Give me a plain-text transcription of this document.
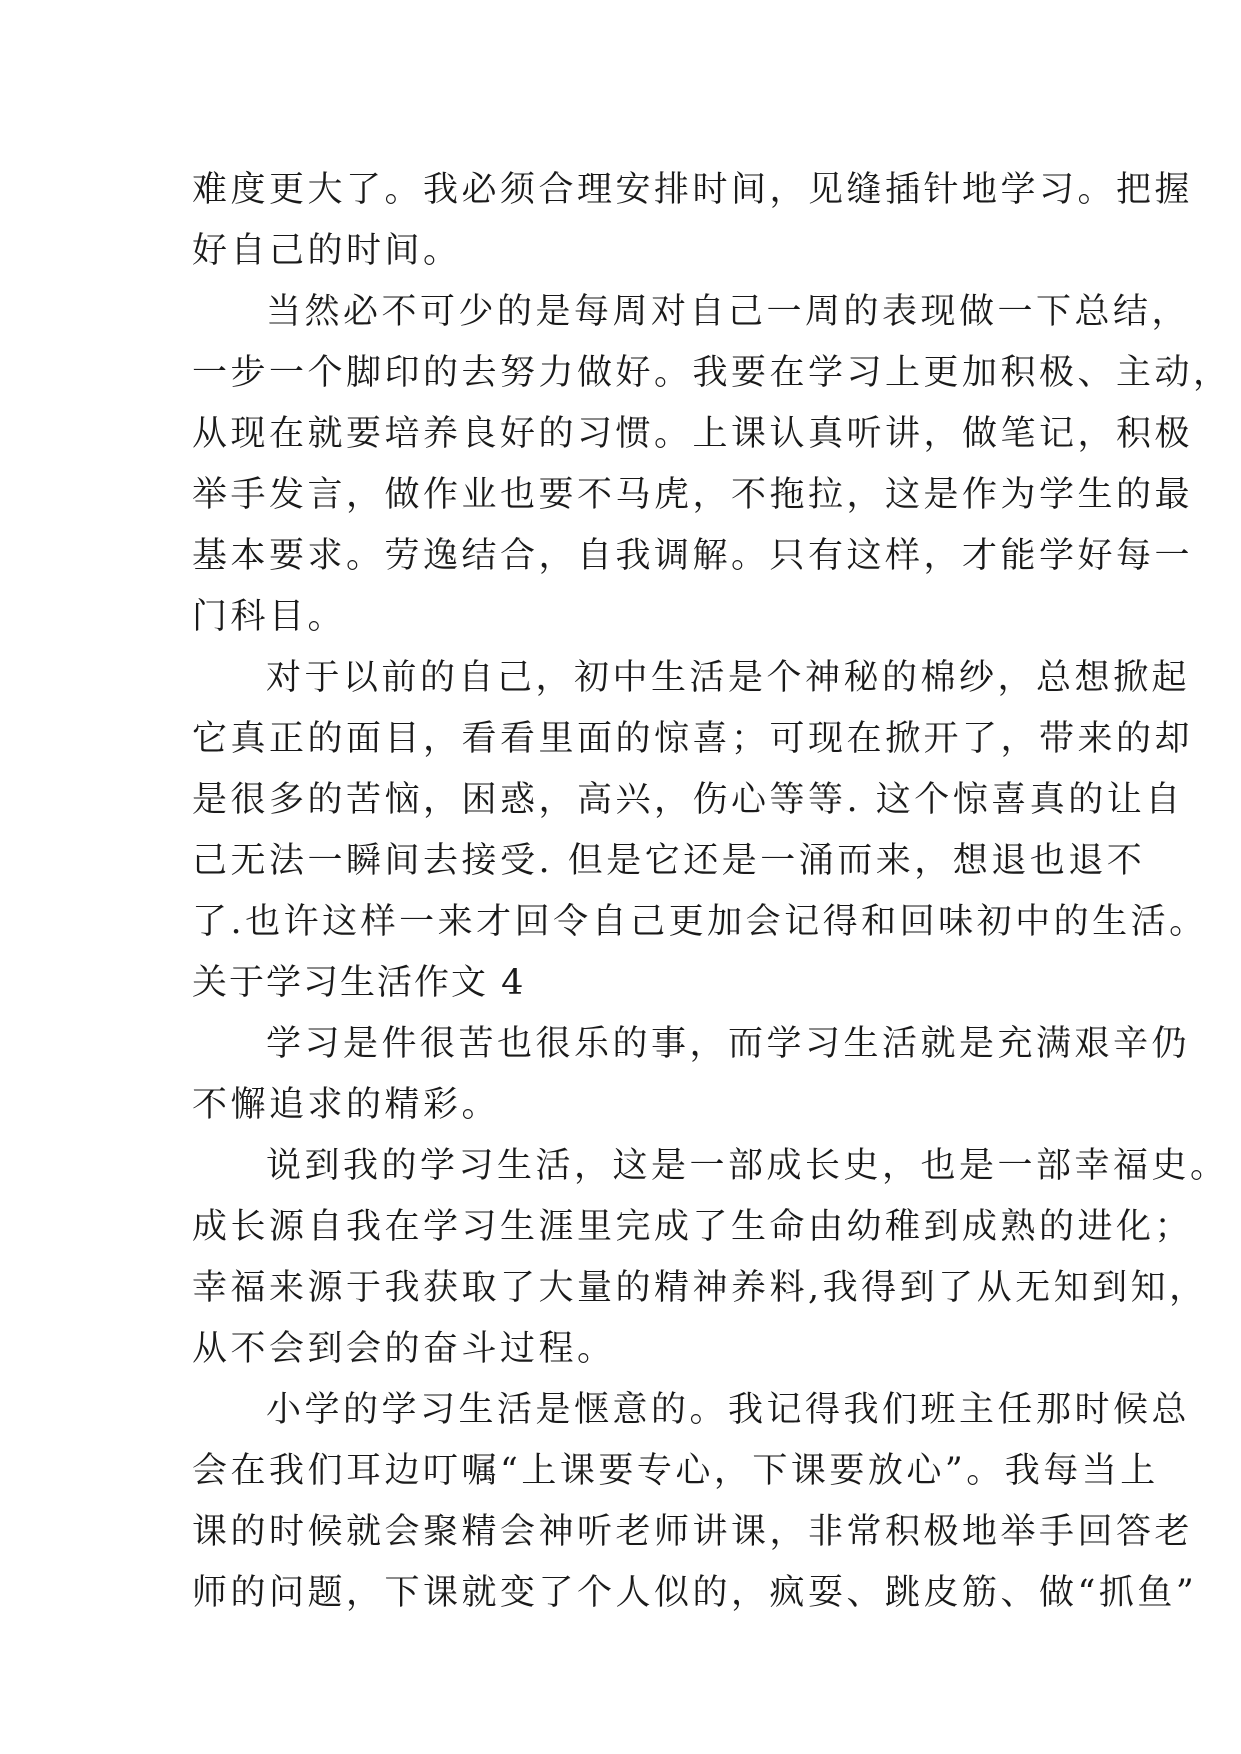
难度更大了。我必须合理安排时间，见缝插针地学习。把握
好自己的时间。
当然必不可少的是每周对自己一周的表现做一下总结，
一步一个脚印的去努力做好。我要在学习上更加积极、主动，
从现在就要培养良好的习惯。上课认真听讲，做笔记，积极
举手发言，做作业也要不马虎，不拖拉，这是作为学生的最
基本要求。劳逸结合，自我调解。只有这样，才能学好每一
门科目。
对于以前的自己，初中生活是个神秘的棉纱，总想掀起
它真正的面目，看看里面的惊喜；可现在掀开了，带来的却
是很多的苦恼，困惑，高兴，伤心等等. 这个惊喜真的让自
己无法一瞬间去接受. 但是它还是一涌而来，想退也退不
了.也许这样一来才回令自己更加会记得和回味初中的生活。
关于学习生活作文 4
学习是件很苦也很乐的事，而学习生活就是充满艰辛仍
不懈追求的精彩。
说到我的学习生活，这是一部成长史，也是一部幸福史。
成长源自我在学习生涯里完成了生命由幼稚到成熟的进化；
幸福来源于我获取了大量的精神养料,我得到了从无知到知，
从不会到会的奋斗过程。
小学的学习生活是惬意的。我记得我们班主任那时候总
会在我们耳边叮嘱“上课要专心，下课要放心”。我每当上
课的时候就会聚精会神听老师讲课，非常积极地举手回答老
师的问题，下课就变了个人似的，疯耍、跳皮筋、做“抓鱼”
